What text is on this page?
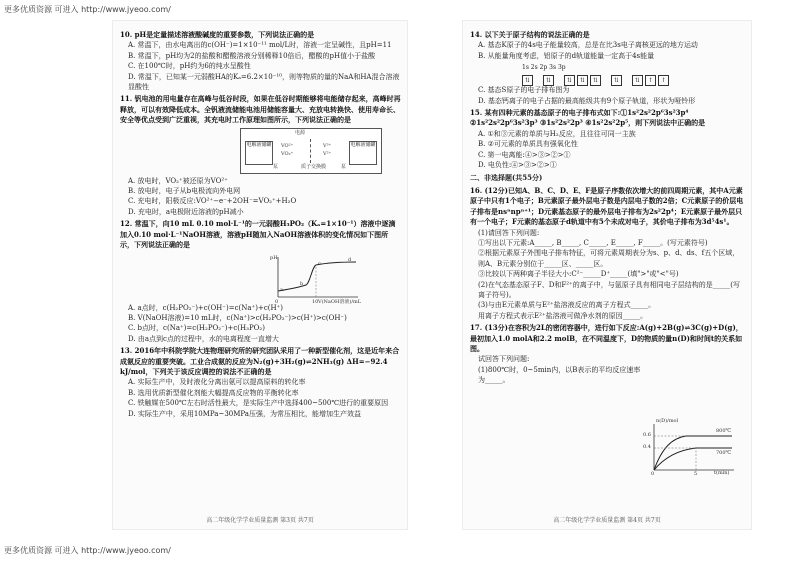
更多优质资源 可进入 http://www.jyeoo.com/

10. pH是定量描述溶液酸碱度的重要参数，下列说法正确的是

A. 常温下，由水电离出的c(OH⁻)=1×10⁻¹¹ mol/L时，溶液一定呈碱性，且pH=11

B. 常温下，pH均为2的盐酸和醋酸溶液分别稀释10倍后，醋酸的pH值小于盐酸

C. 在100℃时，pH约为6的纯水呈酸性

D. 常温下，已知某一元弱酸HA的Kₐ=6.2×10⁻¹⁰，则等物质的量的NaA和HA混合溶液显酸性

11. 钒电池的用电量存在高峰与低谷时段，如果在低谷时期能够将电能储存起来，高峰时再释放，可以有效降低成本。全钒液流储能电池用储能容量大、充放电转换快、使用寿命长、安全等优点受到广泛重视，其充电时工作原理如图所示，下列说法正确的是

电源
电解液储罐	电解液储罐
VO²⁺
VO₂⁺
V³⁺
V²⁺
质子交换膜
泵	泵

A. 放电时，VO₂⁺被还原为VO²⁺

B. 放电时，电子从b电极流向外电网

C. 充电时，阳极反应:VO²⁺−e⁻+2OH⁻=VO₂⁺+H₂O

D. 充电时，a电极附近溶液的pH减小

12. 常温下，向10 mL 0.10 mol·L⁻¹的一元弱酸H₃PO₂（Kₐ=1×10⁻¹）溶液中逐滴加入0.10 mol·L⁻¹NaOH溶液，溶液pH随加入NaOH溶液体积的变化情况如下图所示，下列说法正确的是

pH
V(NaOH溶液)/mL
0	10
a
b
c
d

A. a点时，c(H₂PO₂⁻)+c(OH⁻)=c(Na⁺)+c(H⁺)

B. V(NaOH溶液)=10 mL时，c(Na⁺)>c(H₂PO₂⁻)>c(H⁺)>c(OH⁻)

C. b点时，c(Na⁺)=c(H₂PO₂⁻)+c(H₃PO₂)

D. 由a点到c点的过程中，水的电离程度一直增大

13. 2016年中科院学院大连物理研究所的研究团队采用了一种新型催化剂，这是近年来合成氨反应的重要突破。工业合成氨的反应为N₂(g)+3H₂(g)⇌2NH₃(g) ΔH=−92.4 kJ/mol，下列关于该反应调控的说法不正确的是

A. 实际生产中，及时液化分离出氨可以提高原料的转化率

B. 选用优质新型催化剂能大幅提高反应物的平衡转化率

C. 铁触媒在500℃左右时活性最大，是实际生产中选择400~500℃进行的重要原因

D. 实际生产中，采用10MPa~30MPa压强，为常压相比，能增加生产效益

高二年级化学学业质量监测 第3页 共7页

14. 以下关于原子结构的说法正确的是

A. 基态K原子的4s电子能量较高，总是在比3s电子离核更远的地方运动

B. 从能量角度考虑，铝原子的d轨道能量一定高于4s能量

1s 2s 2p 3s 3p
⇅	⇅	⇅	⇅	⇅	⇅	⇅	↑	↑

C. 基态S原子的电子排布图为

D. 基态钙离子的电子占据的最高能级共有9个原子轨道，形状为哑铃形

15. 某有四种元素的基态原子的电子排布式如下:①1s²2s²2p⁶3s²3p⁴ ②1s²2s²2p⁶3s²3p³ ③1s²2s²2p³ ④1s²2s²2p⁵，则下列说法中正确的是

A. ①和③元素的单质与H₂反应，且往往可同一主族

B. ②可元素的单质具有强氧化性

C. 第一电离能:④>③>②>①

D. 电负性:④>③>②>①

二、非选择题(共55分)

16. (12分)已知A、B、C、D、E、F是原子序数依次增大的前四周期元素，其中A元素原子中只有1个电子；B元素原子最外层电子数是内层电子数的2倍；C元素原子的价层电子排布是nsⁿnpⁿ⁺¹；D元素基态原子的最外层电子排布为2s²2p⁴；E元素原子最外层只有一个电子；F元素的基态原子d轨道中有5个未成对电子，其价电子排布为3d⁵4s¹。

(1)请回答下列问题:

①写出以下元素:A_____, B_____, C_____, E_____, F_____。(写元素符号)

②根据元素原子外围电子排布特征，可将元素周期表分为s、p、d、ds、f五个区域，则A、B元素分别位于_____区、_____区。

③比较以下两种离子半径大小:C²⁻_____D⁺_____(填">"或"<"号)

(2)在气态基态原子F、D和F²⁺的离子中，与氩原子具有相同电子层结构的是_____(写离子符号)。

(3)与由E元素单质与E²⁺盐溶液反应的离子方程式_____。

用离子方程式表示E²⁺盐溶液可做净水剂的原因_____。

17. (13分)在容积为2L的密闭容器中，进行如下反应:A(g)+2B(g)⇌3C(g)+D(g)，最初加入1.0 molA和2.2 molB，在不同温度下，D的物质的量n(D)和时间t的关系如图。

试回答下列问题:

(1)800℃时，0~5min内，以B表示的平均反应速率为_____。

n(D)/mol
t(min)
0.6
0.4
0	5
800℃
700℃
高二年级化学学业质量监测 第4页 共7页
更多优质资源 可进入 http://www.jyeoo.com/
